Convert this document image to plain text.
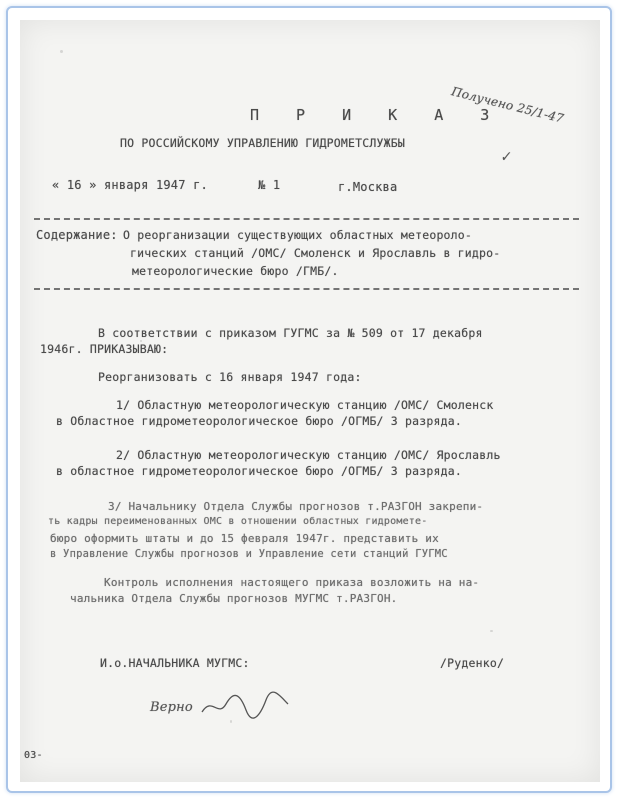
Получено 25/1-47
П Р И К А З
ПО РОССИЙСКОМУ УПРАВЛЕНИЮ ГИДРОМЕТСЛУЖБЫ
✓
« 16 » января 1947 г.	№ 1	г.Москва
Содержание: О реорганизации существующих областных метеороло-
гических станций /ОМС/ Смоленск и Ярославль в гидро-
метеорологические бюро /ГМБ/.
В соответствии с приказом ГУГМС за № 509 от 17 декабря
1946г. ПРИКАЗЫВАЮ:
Реорганизовать с 16 января 1947 года:
1/ Областную метеорологическую станцию /ОМС/ Смоленск
в Областное гидрометеорологическое бюро /ОГМБ/ 3 разряда.
2/ Областную метеорологическую станцию /ОМС/ Ярославль
в областное гидрометеорологическое бюро /ОГМБ/ 3 разряда.
3/ Начальнику Отдела Службы прогнозов т.РАЗГОН закрепи-
ть кадры переименованных ОМС в отношении областных гидромете-
бюро оформить штаты и до 15 февраля 1947г. представить их
в Управление Службы прогнозов и Управление сети станций ГУГМС
Контроль исполнения настоящего приказа возложить на на-
чальника Отдела Службы прогнозов МУГМС т.РАЗГОН.
И.о.НАЧАЛЬНИКА МУГМС:	/Руденко/
Верно
03-
